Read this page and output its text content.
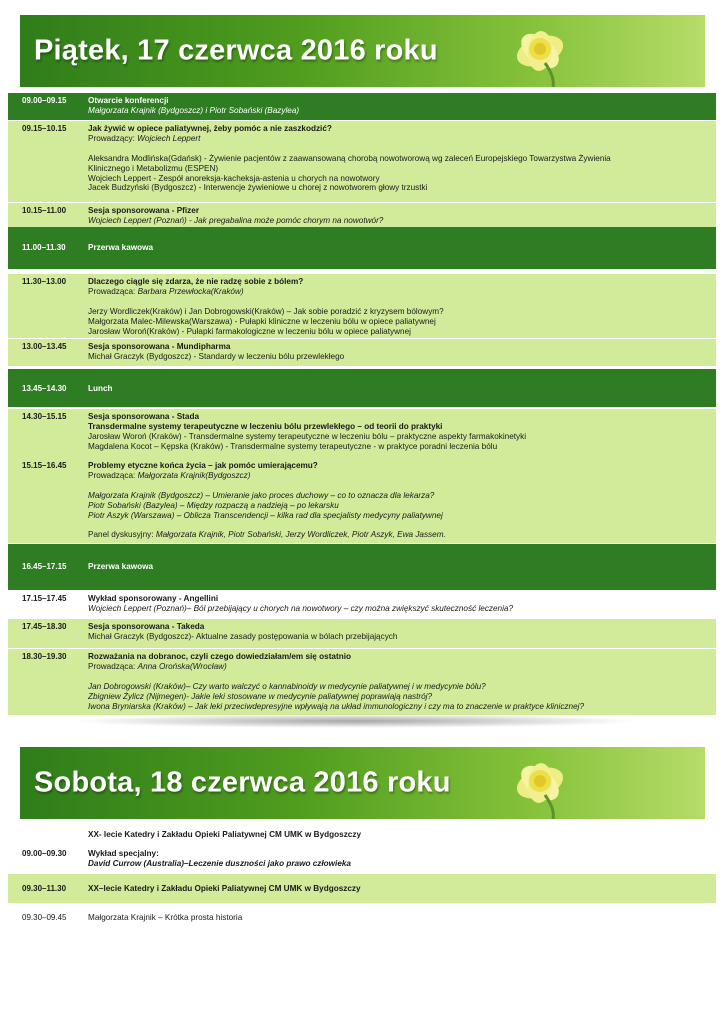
Piątek, 17 czerwca 2016 roku
09.00–09.15	Otwarcie konferencji
Małgorzata Krajnik (Bydgoszcz) i Piotr Sobański (Bazylea)
09.15–10.15	Jak żywić w opiece paliatywnej, żeby pomóc a nie zaszkodzić?
Prowadzący: Wojciech Leppert
Aleksandra Modlińska(Gdańsk) - Żywienie pacjentów z zaawansowaną chorobą nowotworową wg zaleceń Europejskiego Towarzystwa Żywienia
Klinicznego i Metabolizmu (ESPEN)
Wojciech Leppert - Zespół anoreksja-kacheksja-astenia u chorych na nowotwory
Jacek Budzyński (Bydgoszcz) - Interwencje żywieniowe u chorej z nowotworem głowy trzustki
10.15–11.00	Sesja sponsorowana - Pfizer
Wojciech Leppert (Poznań) - Jak pregabalina może pomóc chorym na nowotwór?
11.00–11.30	Przerwa kawowa
11.30–13.00	Dlaczego ciągle się zdarza, że nie radzę sobie z bólem?
Prowadząca: Barbara Przewłocka(Kraków)
Jerzy Wordliczek(Kraków) i Jan Dobrogowski(Kraków) – Jak sobie poradzić z kryzysem bólowym?
Małgorzata Malec-Milewska(Warszawa) - Pułapki kliniczne w leczeniu bólu w opiece paliatywnej
Jarosław Woroń(Kraków) - Pułapki farmakologiczne w leczeniu bólu w opiece paliatywnej
13.00–13.45	Sesja sponsorowana - Mundipharma
Michał Graczyk (Bydgoszcz) - Standardy w leczeniu bólu przewlekłego
13.45–14.30	Lunch
14.30–15.15	Sesja sponsorowana - Stada
Transdermalne systemy terapeutyczne w leczeniu bólu przewlekłego – od teorii do praktyki
Jarosław Woroń (Kraków) - Transdermalne systemy terapeutyczne w leczeniu bólu – praktyczne aspekty farmakokinetyki
Magdalena Kocot – Kępska (Kraków) - Transdermalne systemy terapeutyczne - w praktyce poradni leczenia bólu
15.15–16.45	Problemy etyczne końca życia – jak pomóc umierającemu?
Prowadząca: Małgorzata Krajnik(Bydgoszcz)
Małgorzata Krajnik (Bydgoszcz) – Umieranie jako proces duchowy – co to oznacza dla lekarza?
Piotr Sobański (Bazylea) – Między rozpaczą a nadzieją – po lekarsku
Piotr Aszyk (Warszawa) – Oblicza Transcendencji – kilka rad dla specjalisty medycyny paliatywnej
Panel dyskusyjny: Małgorzata Krajnik, Piotr Sobański, Jerzy Wordliczek, Piotr Aszyk, Ewa Jassem.
16.45–17.15	Przerwa kawowa
17.15–17.45	Wykład sponsorowany - Angellini
Wojciech Leppert (Poznań)– Ból przebijający u chorych na nowotwory – czy można zwiększyć skuteczność leczenia?
17.45–18.30	Sesja sponsorowana - Takeda
Michał Graczyk (Bydgoszcz)- Aktualne zasady postępowania w bólach przebijających
18.30–19.30	Rozważania na dobranoc, czyli czego dowiedziałam/em się ostatnio
Prowadząca: Anna Orońska(Wrocław)
Jan Dobrogowski (Kraków)– Czy warto walczyć o kannabinoidy w medycynie paliatywnej i w medycynie bólu?
Zbigniew Żylicz (Nijmegen)- Jakie leki stosowane w medycynie paliatywnej poprawiają nastrój?
Iwona Bryniarska (Kraków) – Jak leki przeciwdepresyjne wpływają na układ immunologiczny i czy ma to znaczenie w praktyce klinicznej?
Sobota, 18 czerwca 2016 roku
XX- lecie Katedry i Zakładu Opieki Paliatywnej CM UMK w Bydgoszczy
09.00–09.30	Wykład specjalny:
David Currow (Australia)–Leczenie duszności jako prawo człowieka
09.30–11.30	XX–lecie Katedry i Zakładu Opieki Paliatywnej CM UMK w Bydgoszczy
09.30–09.45	Małgorzata Krajnik – Krótka prosta historia
